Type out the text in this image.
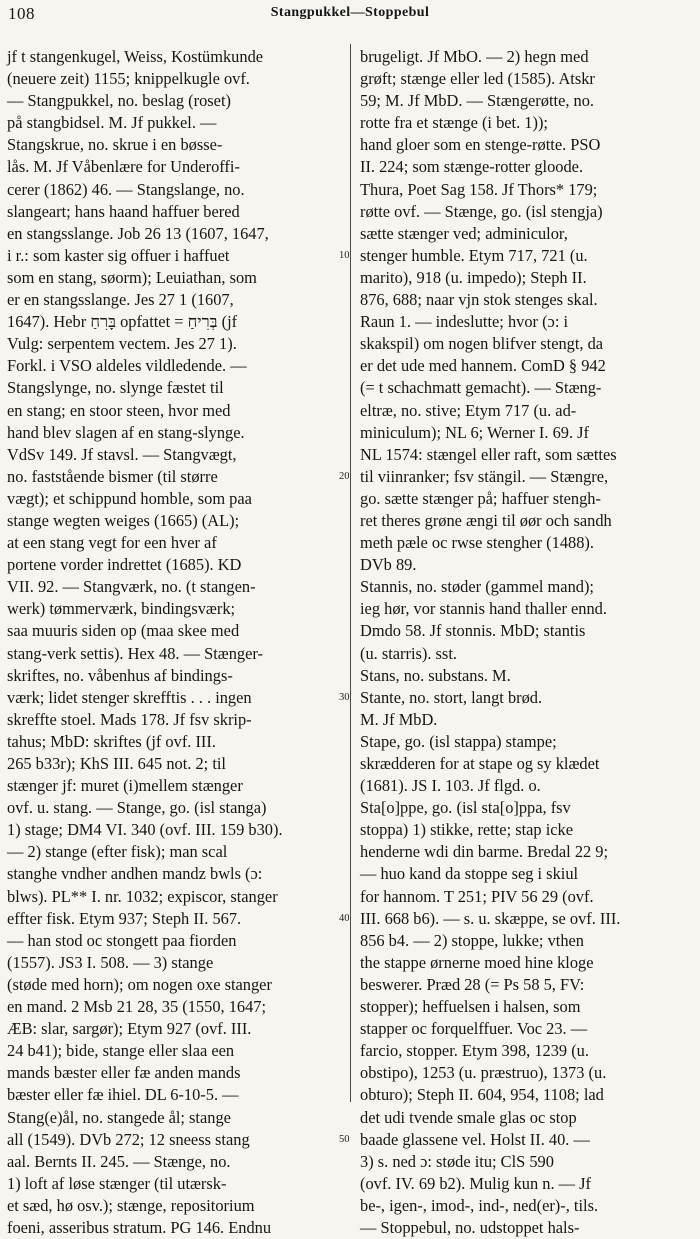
108	Stangpukkel—Stoppebul
jf t stangenkugel, Weiss, Kostümkunde
(neuere zeit) 1155; knippelkugle ovf.
— Stangpukkel, no. beslag (roset)
på stangbidsel. M. Jf pukkel. —
Stangskrue, no. skrue i en bøsse-
lås. M. Jf Våbenlære for Underoffi-
cerer (1862) 46. — Stangslange, no.
slangeart; hans haand haffuer bered
en stangsslange. Job 26 13 (1607, 1647,
i r.: som kaster sig offuer i haffuet
som en stang, søorm); Leuiathan, som
er en stangsslange. Jes 27 1 (1607,
1647). Hebr בָּרִחַ opfattet = בְּרִיחַ (jf
Vulg: serpentem vectem. Jes 27 1).
Forkl. i VSO aldeles vildledende. —
Stangslynge, no. slynge fæstet til
en stang; en stoor steen, hvor med
hand blev slagen af en stang-slynge.
VdSv 149. Jf stavsl. — Stangvægt,
no. faststående bismer (til større
vægt); et schippund homble, som paa
stange wegten weiges (1665) (AL);
at een stang vegt for een hver af
portene vorder indrettet (1685). KD
VII. 92. — Stangværk, no. (t stangen-
werk) tømmerværk, bindingsværk;
saa muuris siden op (maa skee med
stang-verk settis). Hex 48. — Stænger-
skriftes, no. våbenhus af bindings-
værk; lidet stenger skrefftis . . . ingen
skreffte stoel. Mads 178. Jf fsv skrip-
tahus; MbD: skriftes (jf ovf. III.
265 b33r); KhS III. 645 not. 2; til
stænger jf: muret (i)mellem stænger
ovf. u. stang. — Stange, go. (isl stanga)
1) stage; DM4 VI. 340 (ovf. III. 159 b30).
— 2) stange (efter fisk); man scal
stanghe vndher andhen mandz bwls (ɔ:
blws). PL** I. nr. 1032; expiscor, stanger
effter fisk. Etym 937; Steph II. 567.
— han stod oc stongett paa fiorden
(1557). JS3 I. 508. — 3) stange
(støde med horn); om nogen oxe stanger
en mand. 2 Msb 21 28, 35 (1550, 1647;
ÆB: slar, sargør); Etym 927 (ovf. III.
24 b41); bide, stange eller slaa een
mands bæster eller fæ anden mands
bæster eller fæ ihiel. DL 6-10-5. —
Stang(e)ål, no. stangede ål; stange
all (1549). DVb 272; 12 sneess stang
aal. Bernts II. 245. — Stænge, no.
1) loft af løse stænger (til utærsk-
et sæd, hø osv.); stænge, repositorium
foeni, asseribus stratum. PG 146. Endnu
brugeligt. Jf MbO. — 2) hegn med
grøft; stænge eller led (1585). Atskr
59; M. Jf MbD. — Stængerøtte, no.
rotte fra et stænge (i bet. 1));
hand gloer som en stenge-røtte. PSO
II. 224; som stænge-rotter gloode.
Thura, Poet Sag 158. Jf Thors* 179;
røtte ovf. — Stænge, go. (isl stengja)
sætte stænger ved; adminiculor,
stenger humble. Etym 717, 721 (u.
marito), 918 (u. impedo); Steph II.
876, 688; naar vjn stok stenges skal.
Raun 1. — indeslutte; hvor (ɔ: i
skakspil) om nogen blifver stengt, da
er det ude med hannem. ComD § 942
(= t schachmatt gemacht). — Stæng-
eltræ, no. stive; Etym 717 (u. ad-
miniculum); NL 6; Werner I. 69. Jf
NL 1574: stængel eller raft, som sættes
til viinranker; fsv stängil. — Stængre,
go. sætte stænger på; haffuer stengh-
ret theres grøne ængi til øør och sandh
meth pæle oc rwse stengher (1488).
DVb 89.
Stannis, no. støder (gammel mand);
ieg hør, vor stannis hand thaller ennd.
Dmdo 58. Jf stonnis. MbD; stantis
(u. starris). sst.
Stans, no. substans. M.
Stante, no. stort, langt brød.
M. Jf MbD.
Stape, go. (isl stappa) stampe;
skrædderen for at stape og sy klædet
(1681). JS I. 103. Jf flgd. o.
Sta[o]ppe, go. (isl sta[o]ppa, fsv
stoppa) 1) stikke, rette; stap icke
henderne wdi din barme. Bredal 22 9;
— huo kand da stoppe seg i skiul
for hannom. T 251; PIV 56 29 (ovf.
III. 668 b6). — s. u. skæppe, se ovf. III.
856 b4. — 2) stoppe, lukke; vthen
the stappe ørnerne moed hine kloge
beswerer. Præd 28 (= Ps 58 5, FV:
stopper); heffuelsen i halsen, som
stapper oc forquelffuer. Voc 23. —
farcio, stopper. Etym 398, 1239 (u.
obstipo), 1253 (u. præstruo), 1373 (u.
obturo); Steph II. 604, 954, 1108; lad
det udi tvende smale glas oc stop
baade glassene vel. Holst II. 40. —
3) s. ned ɔ: støde itu; ClS 590
(ovf. IV. 69 b2). Mulig kun n. — Jf
be-, igen-, imod-, ind-, ned(er)-, tils.
— Stoppebul, no. udstoppet hals-
10
20
30
40
50
